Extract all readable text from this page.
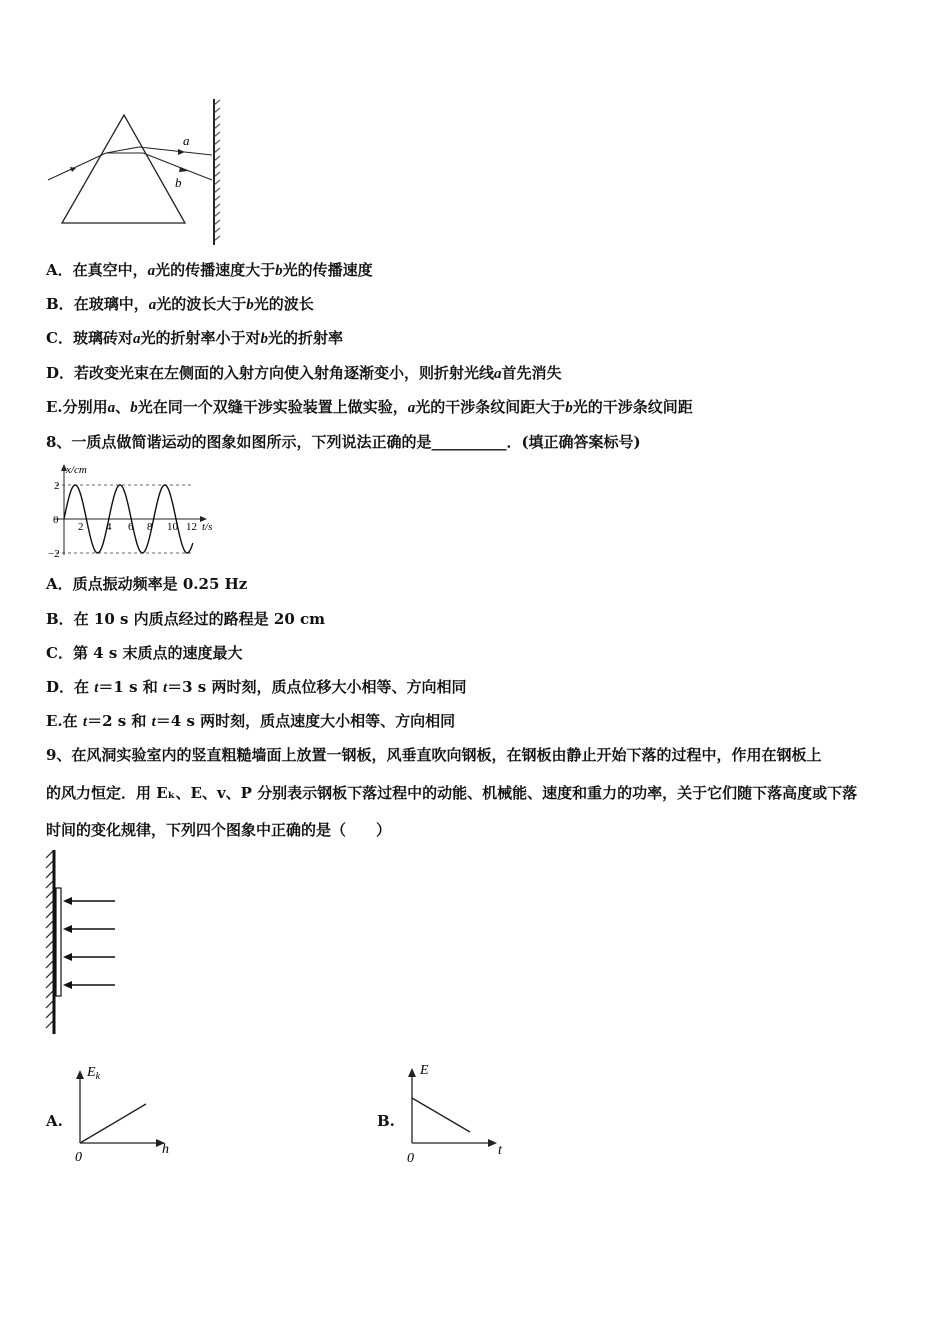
a
b
A．在真空中，a光的传播速度大于b光的传播速度
B．在玻璃中，a光的波长大于b光的波长
C．玻璃砖对a光的折射率小于对b光的折射率
D．若改变光束在左侧面的入射方向使入射角逐渐变小，则折射光线a首先消失
E.分别用a、b光在同一个双缝干涉实验装置上做实验，a光的干涉条纹间距大于b光的干涉条纹间距
8、一质点做简谐运动的图象如图所示，下列说法正确的是__________．(填正确答案标号)
x/cm
t/s
0
2
−2
2 4 6 8 10 12
A．质点振动频率是 0.25 Hz
B．在 10 s 内质点经过的路程是 20 cm
C．第 4 s 末质点的速度最大
D．在 t＝1 s 和 t＝3 s 两时刻，质点位移大小相等、方向相同
E.在 t＝2 s 和 t＝4 s 两时刻，质点速度大小相等、方向相同
9、在风洞实验室内的竖直粗糙墙面上放置一钢板，风垂直吹向钢板，在钢板由静止开始下落的过程中，作用在钢板上
的风力恒定．用 Eₖ、E、v、P 分别表示钢板下落过程中的动能、机械能、速度和重力的功率，关于它们随下落高度或下落
时间的变化规律，下列四个图象中正确的是（　　）
A.
$E_k$
h
0
B.
E
t
0
